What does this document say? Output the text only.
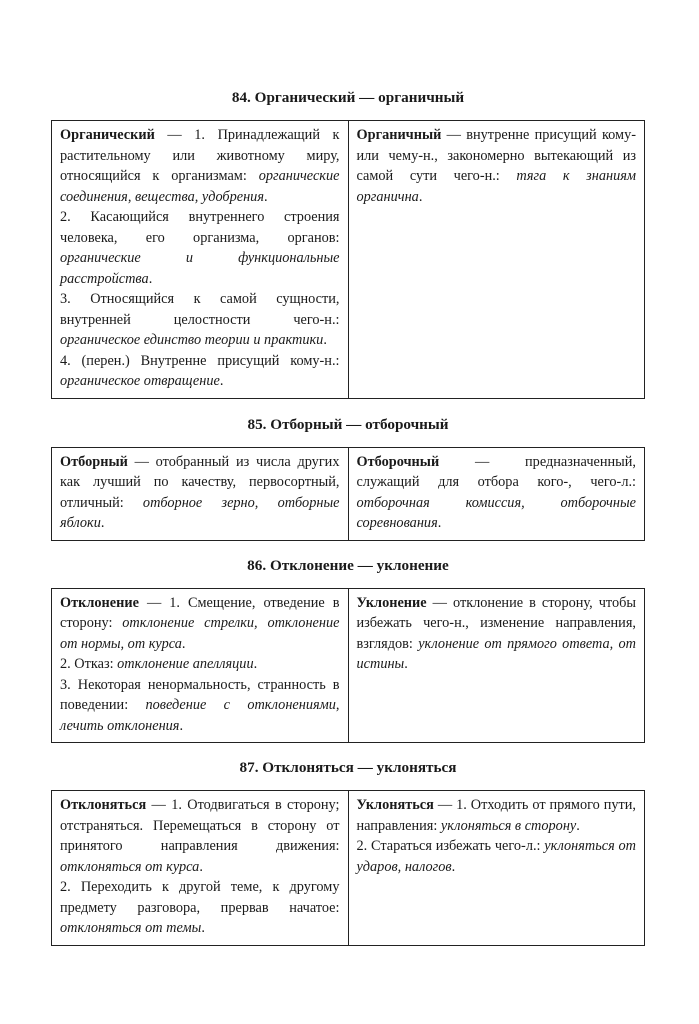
84. Органический — органичный
Органический — 1. Принадлежащий к растительному или животному миру, относящийся к организмам: органические соединения, вещества, удобрения.
2. Касающийся внутреннего строения человека, его организма, органов: органические и функциональные расстройства.
3. Относящийся к самой сущности, внутренней целостности чего-н.: органическое единство теории и практики.
4. (перен.) Внутренне присущий кому-н.: органическое отвращение.

Органичный — внутренне присущий кому- или чему-н., закономерно вытекающий из самой сути чего-н.: тяга к знаниям органична.
85. Отборный — отборочный
Отборный — отобранный из числа других как лучший по качеству, первосортный, отличный: отборное зерно, отборные яблоки.

Отборочный — предназначенный, служащий для отбора кого-, чего-л.: отборочная комиссия, отборочные соревнования.
86. Отклонение — уклонение
Отклонение — 1. Смещение, отведение в сторону: отклонение стрелки, отклонение от нормы, от курса.
2. Отказ: отклонение апелляции.
3. Некоторая ненормальность, странность в поведении: поведение с отклонениями, лечить отклонения.

Уклонение — отклонение в сторону, чтобы избежать чего-н., изменение направления, взглядов: уклонение от прямого ответа, от истины.
87. Отклоняться — уклоняться
Отклоняться — 1. Отодвигаться в сторону; отстраняться. Перемещаться в сторону от принятого направления движения: отклоняться от курса.
2. Переходить к другой теме, к другому предмету разговора, прервав начатое: отклоняться от темы.

Уклоняться — 1. Отходить от прямого пути, направления: уклоняться в сторону.
2. Стараться избежать чего-л.: уклоняться от ударов, налогов.
